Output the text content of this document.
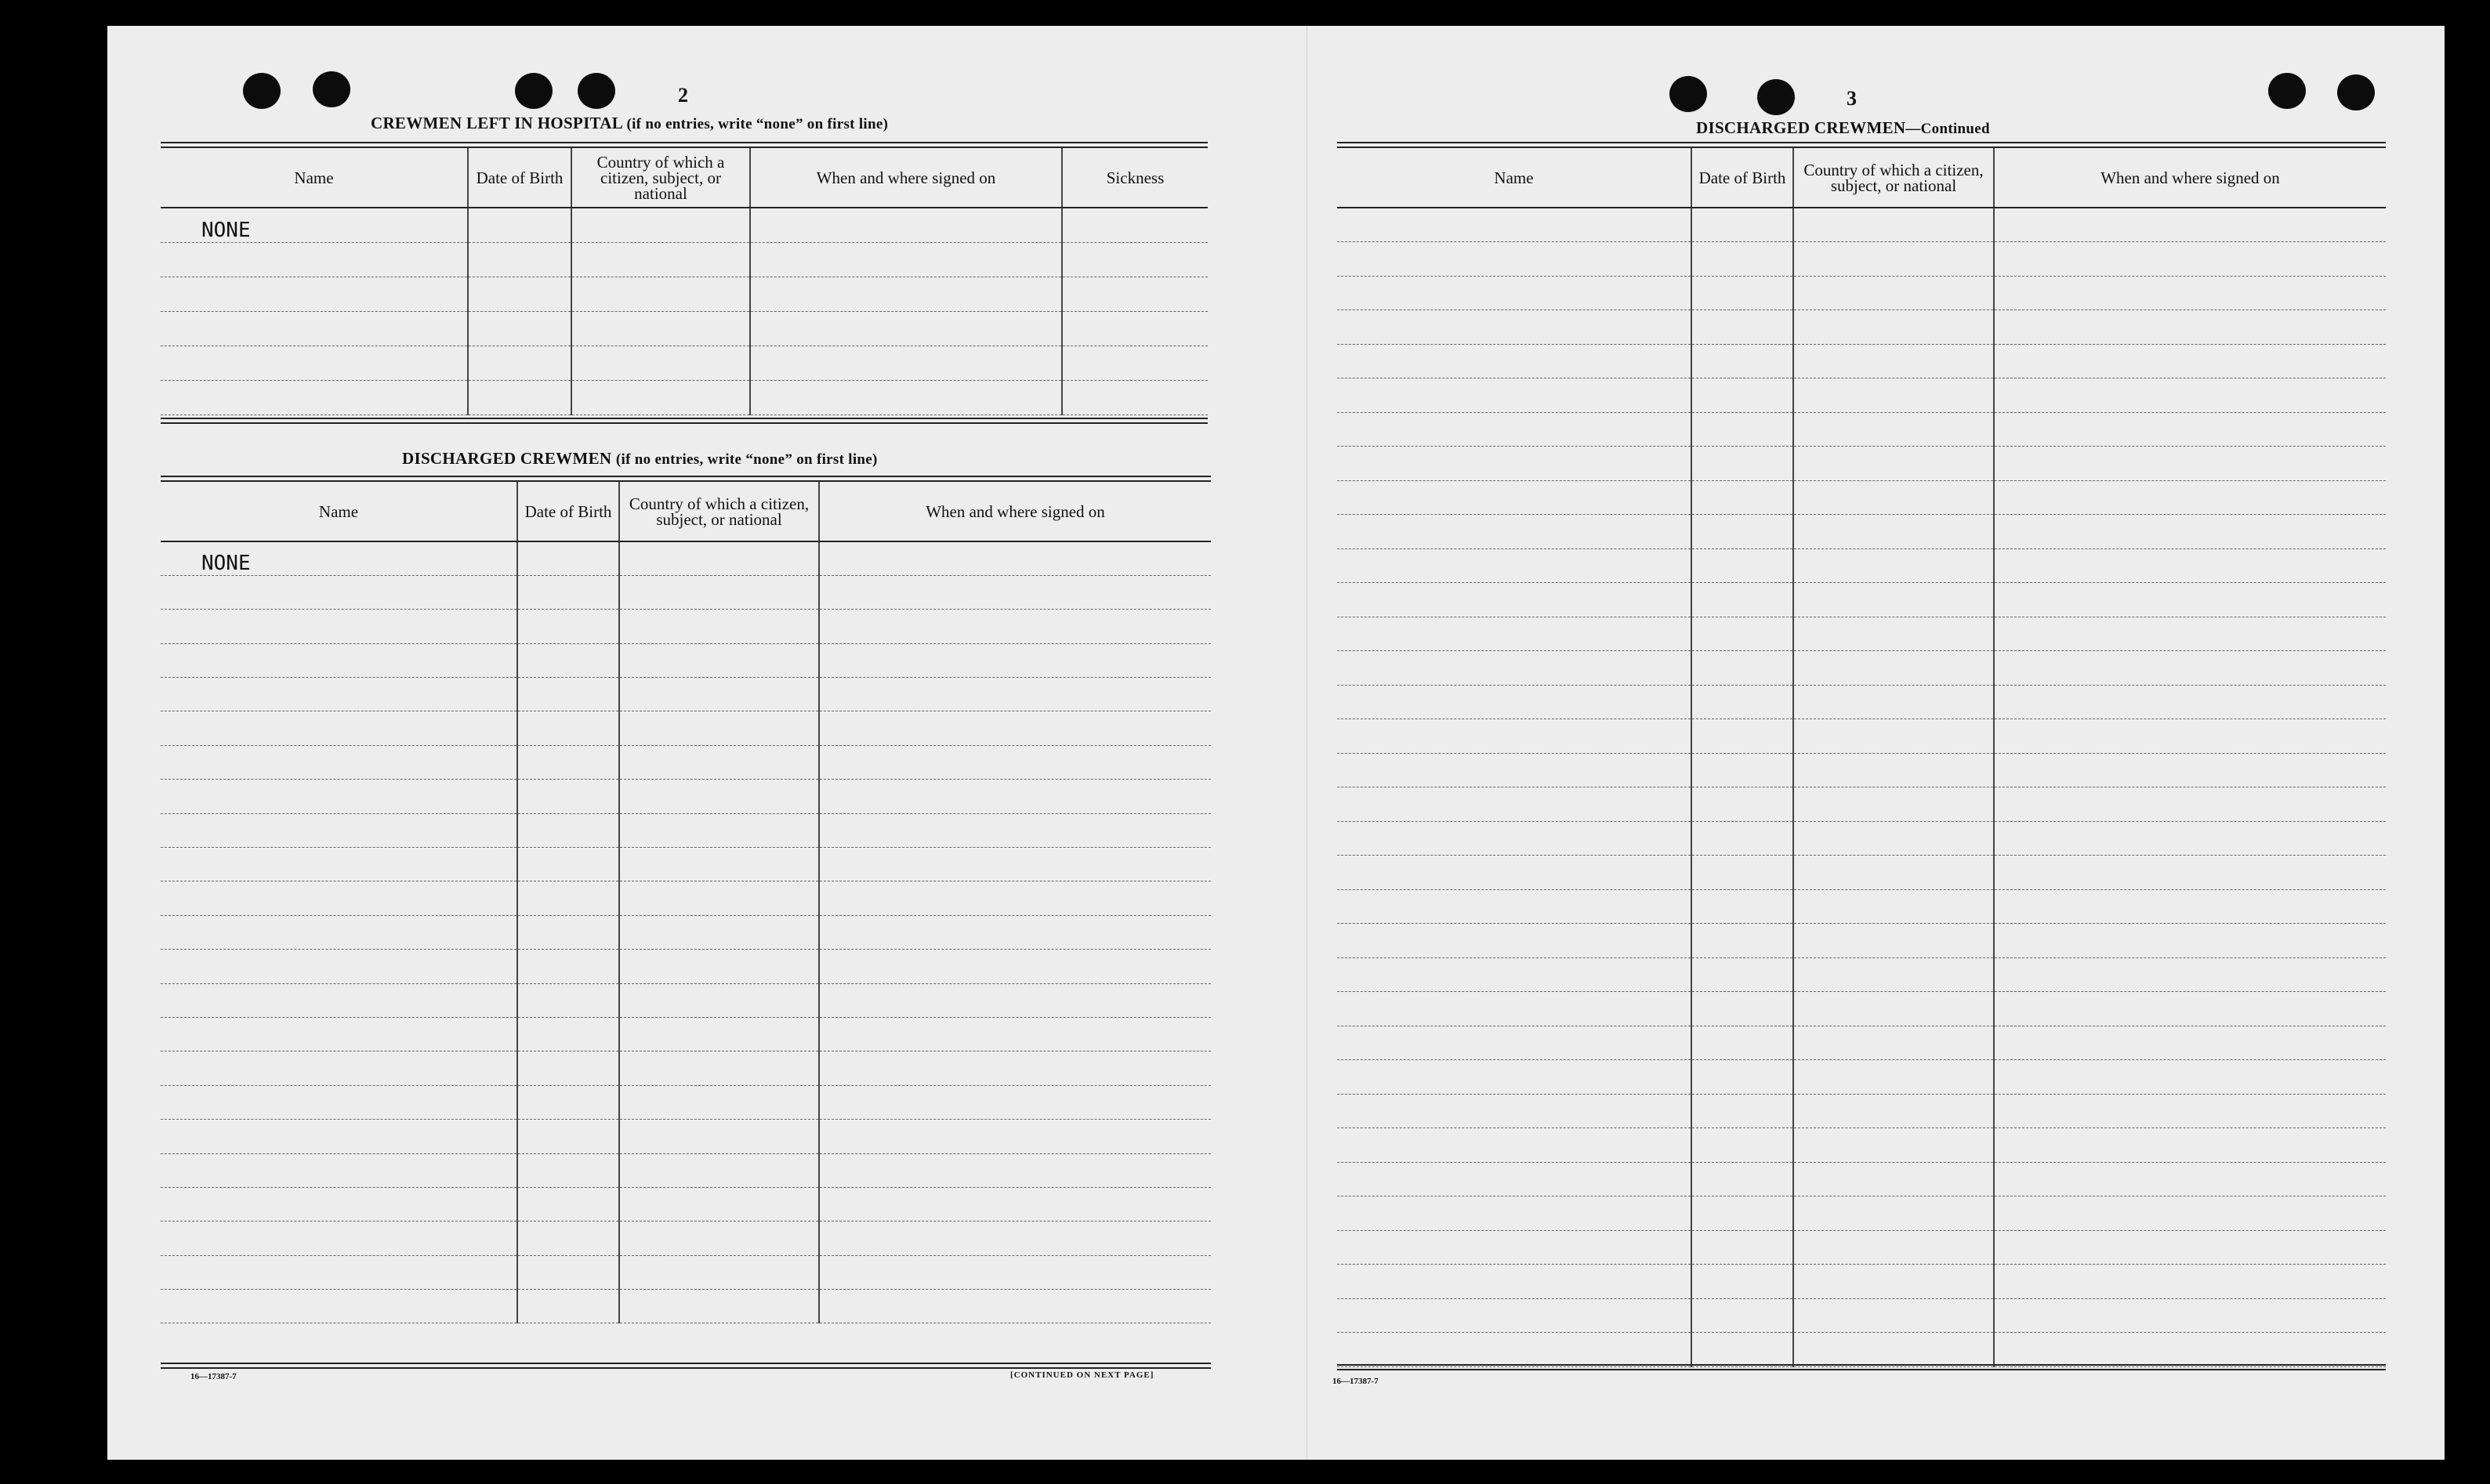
2
CREWMEN LEFT IN HOSPITAL (if no entries, write “none” on first line)
Name	Date of Birth	Country of which a citizen, subject, or national	When and where signed on	Sickness
NONE				

DISCHARGED CREWMEN (if no entries, write “none” on first line)
Name	Date of Birth	Country of which a citizen, subject, or national	When and where signed on
NONE			

16—17387-7	[CONTINUED ON NEXT PAGE]
3
DISCHARGED CREWMEN—Continued
Name	Date of Birth	Country of which a citizen, subject, or national	When and where signed on

16—17387-7
